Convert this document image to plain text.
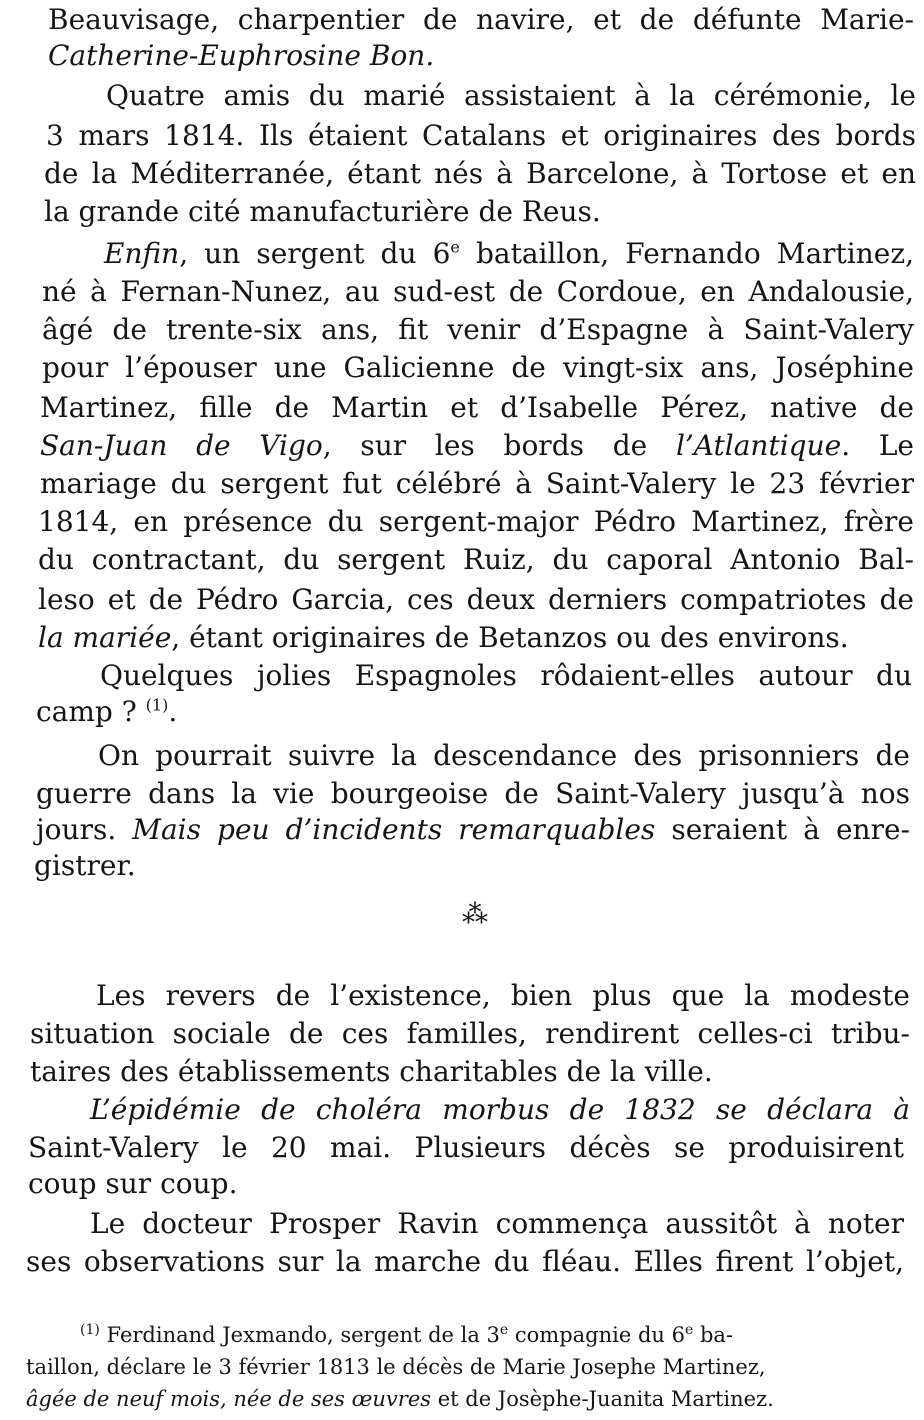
Beauvisage, charpentier de navire, et de défunte Marie-
Catherine-Euphrosine Bon.
Quatre amis du marié assistaient à la cérémonie, le
3 mars 1814. Ils étaient Catalans et originaires des bords
de la Méditerranée, étant nés à Barcelone, à Tortose et en
la grande cité manufacturière de Reus.
Enfin, un sergent du 6e bataillon, Fernando Martinez,
né à Fernan-Nunez, au sud-est de Cordoue, en Andalousie,
âgé de trente-six ans, fit venir d’Espagne à Saint-Valery
pour l’épouser une Galicienne de vingt-six ans, Joséphine
Martinez, fille de Martin et d’Isabelle Pérez, native de
San-Juan de Vigo, sur les bords de l’Atlantique. Le
mariage du sergent fut célébré à Saint-Valery le 23 février
1814, en présence du sergent-major Pédro Martinez, frère
du contractant, du sergent Ruiz, du caporal Antonio Bal-
leso et de Pédro Garcia, ces deux derniers compatriotes de
la mariée, étant originaires de Betanzos ou des environs.
Quelques jolies Espagnoles rôdaient-elles autour du
camp ? $^{(1)}$.
On pourrait suivre la descendance des prisonniers de
guerre dans la vie bourgeoise de Saint-Valery jusqu’à nos
jours. Mais peu d’incidents remarquables seraient à enre-
gistrer.
⁂
Les revers de l’existence, bien plus que la modeste
situation sociale de ces familles, rendirent celles-ci tribu-
taires des établissements charitables de la ville.
L’épidémie de choléra morbus de 1832 se déclara à
Saint-Valery le 20 mai. Plusieurs décès se produisirent
coup sur coup.
Le docteur Prosper Ravin commença aussitôt à noter
ses observations sur la marche du fléau. Elles firent l’objet,
$^{(1)}$ Ferdinand Jexmando, sergent de la 3e compagnie du 6e ba-
taillon, déclare le 3 février 1813 le décès de Marie Josephe Martinez,
âgée de neuf mois, née de ses œuvres et de Josèphe-Juanita Martinez.
